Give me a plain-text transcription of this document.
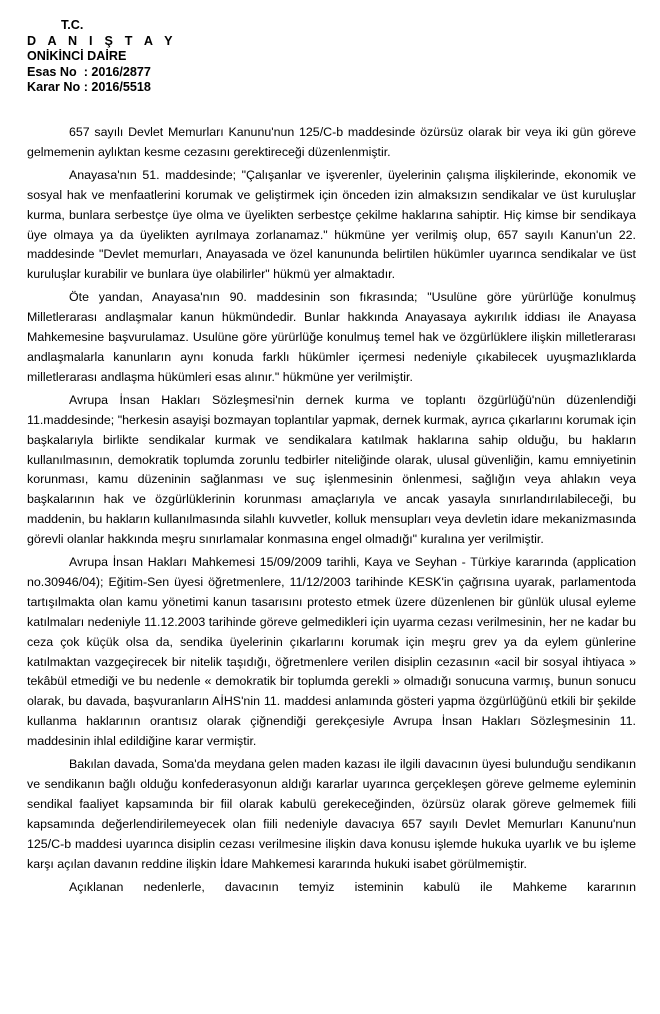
T.C.
D A N I Ş T A Y
ONİKİNCİ DAİRE
Esas No  : 2016/2877
Karar No : 2016/5518

657 sayılı Devlet Memurları Kanunu'nun 125/C-b maddesinde özürsüz olarak bir veya iki gün göreve gelmemenin aylıktan kesme cezasını gerektireceği düzenlenmiştir.

Anayasa'nın 51. maddesinde; "Çalışanlar ve işverenler, üyelerinin çalışma ilişkilerinde, ekonomik ve sosyal hak ve menfaatlerini korumak ve geliştirmek için önceden izin almaksızın sendikalar ve üst kuruluşlar kurma, bunlara serbestçe üye olma ve üyelikten serbestçe çekilme haklarına sahiptir. Hiç kimse bir sendikaya üye olmaya ya da üyelikten ayrılmaya zorlanamaz." hükmüne yer verilmiş olup, 657 sayılı Kanun'un 22. maddesinde "Devlet memurları, Anayasada ve özel kanununda belirtilen hükümler uyarınca sendikalar ve üst kuruluşlar kurabilir ve bunlara üye olabilirler" hükmü yer almaktadır.

Öte yandan, Anayasa'nın 90. maddesinin son fıkrasında; "Usulüne göre yürürlüğe konulmuş Milletlerarası andlaşmalar kanun hükmündedir. Bunlar hakkında Anayasaya aykırılık iddiası ile Anayasa Mahkemesine başvurulamaz. Usulüne göre yürürlüğe konulmuş temel hak ve özgürlüklere ilişkin milletlerarası andlaşmalarla kanunların aynı konuda farklı hükümler içermesi nedeniyle çıkabilecek uyuşmazlıklarda milletlerarası andlaşma hükümleri esas alınır." hükmüne yer verilmiştir.

Avrupa İnsan Hakları Sözleşmesi'nin dernek kurma ve toplantı özgürlüğü'nün düzenlendiği 11.maddesinde; "herkesin asayişi bozmayan toplantılar yapmak, dernek kurmak, ayrıca çıkarlarını korumak için başkalarıyla birlikte sendikalar kurmak ve sendikalara katılmak haklarına sahip olduğu, bu hakların kullanılmasının, demokratik toplumda zorunlu tedbirler niteliğinde olarak, ulusal güvenliğin, kamu emniyetinin korunması, kamu düzeninin sağlanması ve suç işlenmesinin önlenmesi, sağlığın veya ahlakın veya başkalarının hak ve özgürlüklerinin korunması amaçlarıyla ve ancak yasayla sınırlandırılabileceği, bu maddenin, bu hakların kullanılmasında silahlı kuvvetler, kolluk mensupları veya devletin idare mekanizmasında görevli olanlar hakkında meşru sınırlamalar konmasına engel olmadığı" kuralına yer verilmiştir.

Avrupa İnsan Hakları Mahkemesi 15/09/2009 tarihli, Kaya ve Seyhan - Türkiye kararında (application no.30946/04); Eğitim-Sen üyesi öğretmenlere, 11/12/2003 tarihinde KESK'in çağrısına uyarak, parlamentoda tartışılmakta olan kamu yönetimi kanun tasarısını protesto etmek üzere düzenlenen bir günlük ulusal eyleme katılmaları nedeniyle 11.12.2003 tarihinde göreve gelmedikleri için uyarma cezası verilmesinin, her ne kadar bu ceza çok küçük olsa da, sendika üyelerinin çıkarlarını korumak için meşru grev ya da eylem günlerine katılmaktan vazgeçirecek bir nitelik taşıdığı, öğretmenlere verilen disiplin cezasının «acil bir sosyal ihtiyaca » tekâbül etmediği ve bu nedenle « demokratik bir toplumda gerekli » olmadığı sonucuna varmış, bunun sonucu olarak, bu davada, başvuranların AİHS'nin 11. maddesi anlamında gösteri yapma özgürlüğünü etkili bir şekilde kullanma haklarının orantısız olarak çiğnendiği gerekçesiyle Avrupa İnsan Hakları Sözleşmesinin 11. maddesinin ihlal edildiğine karar vermiştir.

Bakılan davada, Soma'da meydana gelen maden kazası ile ilgili davacının üyesi bulunduğu sendikanın ve sendikanın bağlı olduğu konfederasyonun aldığı kararlar uyarınca gerçekleşen göreve gelmeme eyleminin sendikal faaliyet kapsamında bir fiil olarak kabulü gerekeceğinden, özürsüz olarak göreve gelmemek fiili kapsamında değerlendirilemeyecek olan fiili nedeniyle davacıya 657 sayılı Devlet Memurları Kanunu'nun 125/C-b maddesi uyarınca disiplin cezası verilmesine ilişkin dava konusu işlemde hukuka uyarlık ve bu işleme karşı açılan davanın reddine ilişkin İdare Mahkemesi kararında hukuki isabet görülmemiştir.

Açıklanan nedenlerle, davacının temyiz isteminin kabulü ile Mahkeme kararının
